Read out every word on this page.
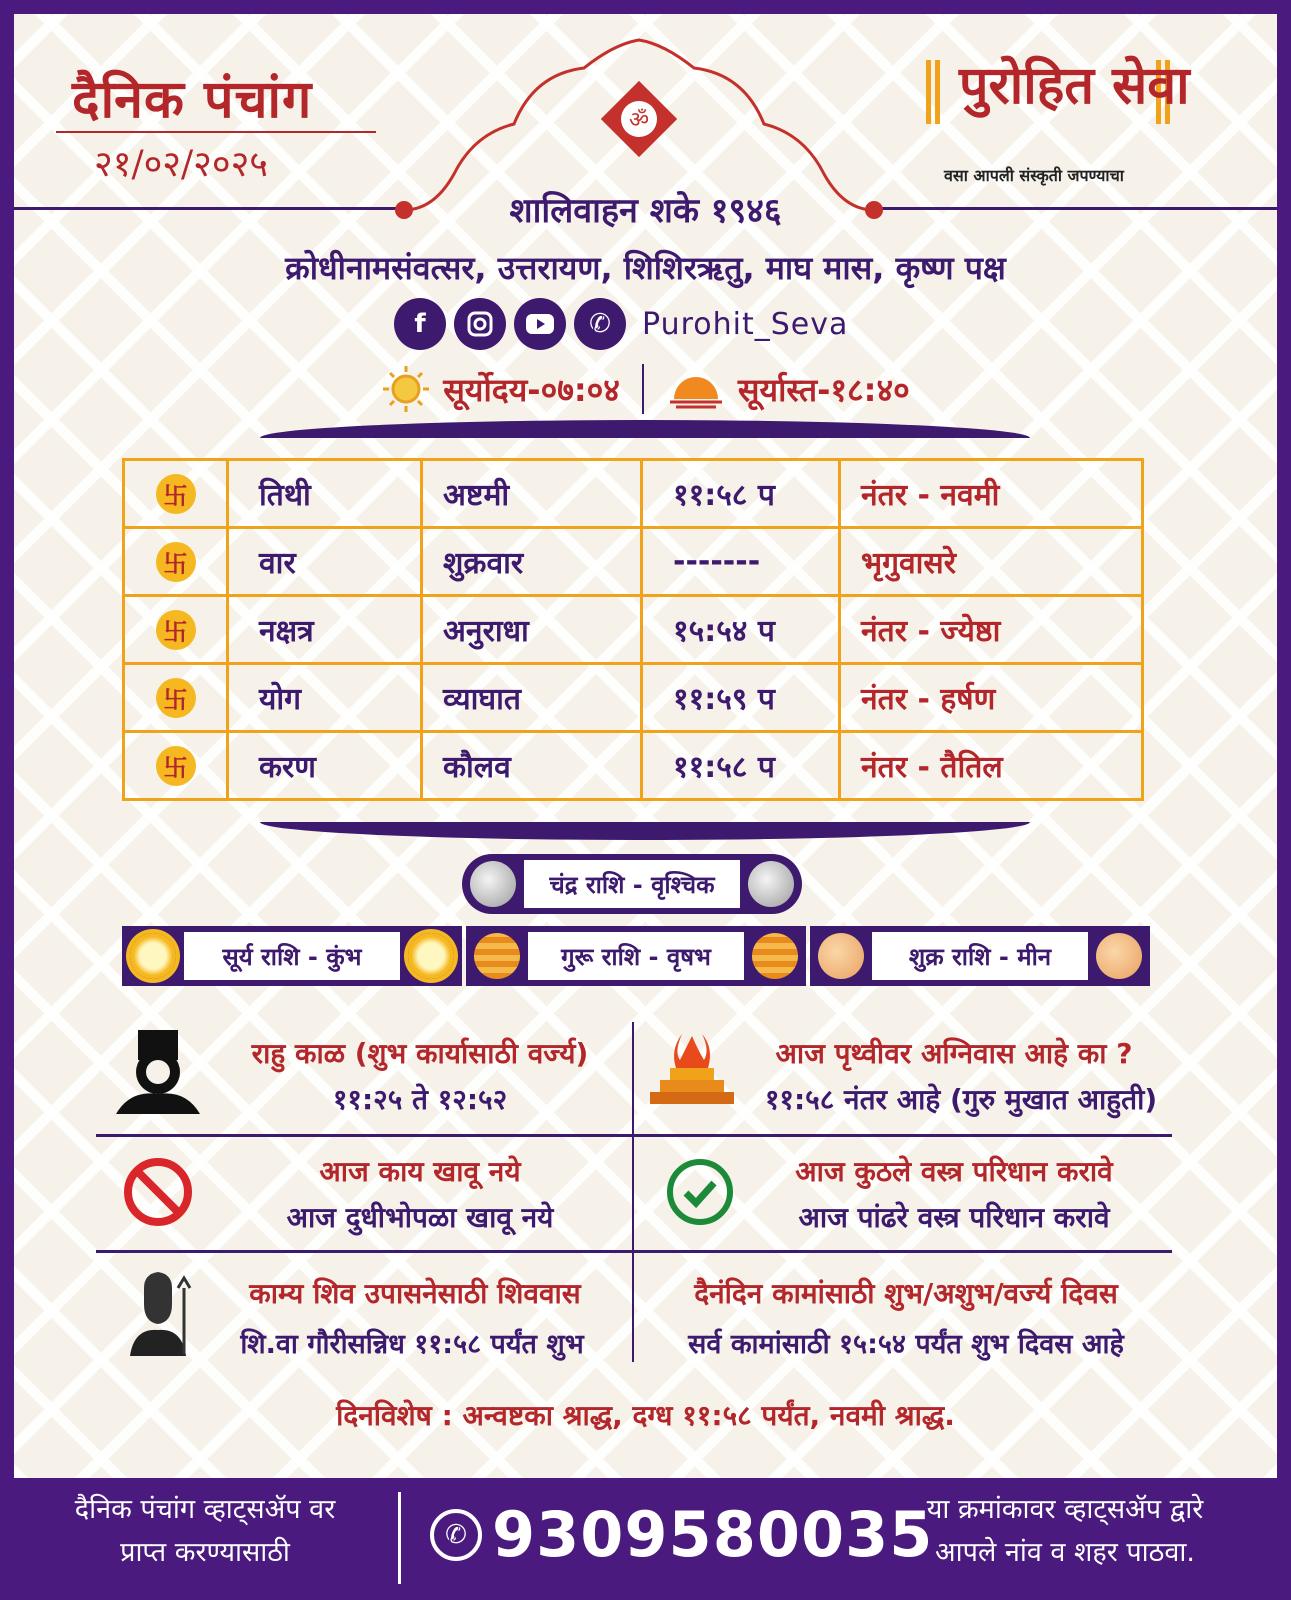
ॐ
दैनिक पंचांग
२१/०२/२०२५
पुरोहित सेवा
वसा आपली संस्कृती जपण्याचा
शालिवाहन शके १९४६
क्रोधीनामसंवत्सर, उत्तरायण, शिशिरऋतु, माघ मास, कृष्ण पक्ष
f	✆	Purohit_Seva
सूर्योदय-०७:०४	सूर्यास्त-१८:४०
卐	तिथी	अष्टमी	११:५८ प	नंतर - नवमी
卐	वार	शुक्रवार	-------	भृगुवासरे
卐	नक्षत्र	अनुराधा	१५:५४ प	नंतर - ज्येष्ठा
卐	योग	व्याघात	११:५९ प	नंतर - हर्षण
卐	करण	कौलव	११:५८ प	नंतर - तैतिल
चंद्र राशि - वृश्चिक
सूर्य राशि - कुंभ	गुरू राशि - वृषभ	शुक्र राशि - मीन
राहु काळ (शुभ कार्यासाठी वर्ज्य)
११:२५ ते १२:५२
आज पृथ्वीवर अग्निवास आहे का ?
११:५८ नंतर आहे (गुरु मुखात आहुती)
आज काय खावू नये
आज दुधीभोपळा खावू नये
आज कुठले वस्त्र परिधान करावे
आज पांढरे वस्त्र परिधान करावे
काम्य शिव उपासनेसाठी शिववास
शि.वा गौरीसन्निध ११:५८ पर्यंत शुभ
दैनंदिन कामांसाठी शुभ/अशुभ/वर्ज्य दिवस
सर्व कामांसाठी १५:५४ पर्यंत शुभ दिवस आहे
दिनविशेष : अन्वष्टका श्राद्ध, दग्ध ११:५८ पर्यंत, नवमी श्राद्ध.
दैनिक पंचांग व्हाट्सॲप वर
प्राप्त करण्यासाठी
✆ 9309580035
या क्रमांकावर व्हाट्सॲप द्वारे
आपले नांव व शहर पाठवा.
